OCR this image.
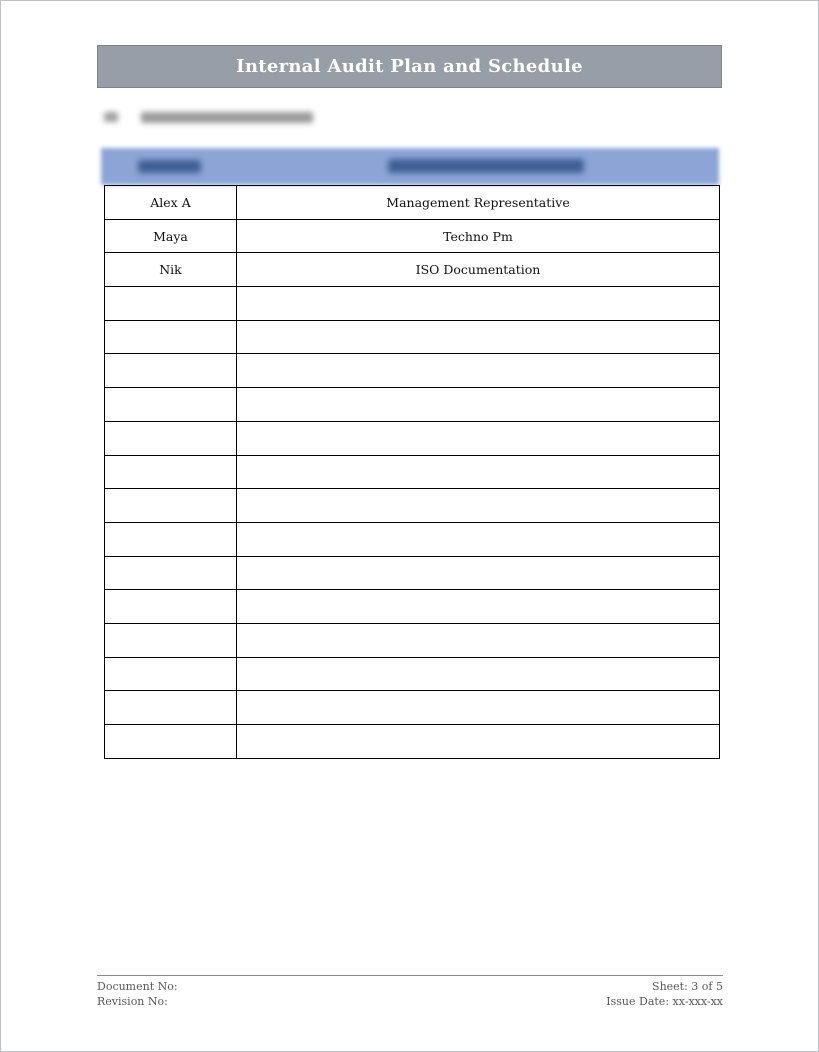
Internal Audit Plan and Schedule
Alex A	Management Representative
Maya	Techno Pm
Nik	ISO Documentation

Document No:
Revision No:
Sheet: 3 of 5
Issue Date: xx-xxx-xx
